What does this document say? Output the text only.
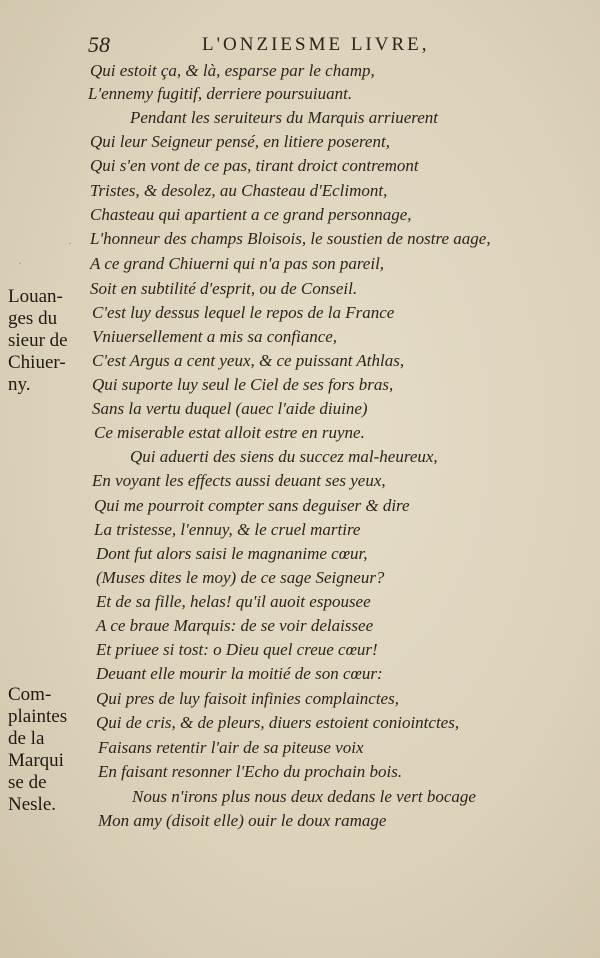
58	L'ONZIESME LIVRE,
Louan-
ges du
sieur de
Chiuer-
ny.
Com-
plaintes
de la
Marqui
se de
Nesle.
Qui estoit ça, & là, esparse par le champ,
L'ennemy fugitif, derriere poursuiuant.
Pendant les seruiteurs du Marquis arriuerent
Qui leur Seigneur pensé, en litiere poserent,
Qui s'en vont de ce pas, tirant droict contremont
Tristes, & desolez, au Chasteau d'Eclimont,
Chasteau qui apartient a ce grand personnage,
L'honneur des champs Bloisois, le soustien de nostre aage,
A ce grand Chiuerni qui n'a pas son pareil,
Soit en subtilité d'esprit, ou de Conseil.
C'est luy dessus lequel le repos de la France
Vniuersellement a mis sa confiance,
C'est Argus a cent yeux, & ce puissant Athlas,
Qui suporte luy seul le Ciel de ses fors bras,
Sans la vertu duquel (auec l'aide diuine)
Ce miserable estat alloit estre en ruyne.
Qui aduerti des siens du succez mal-heureux,
En voyant les effects aussi deuant ses yeux,
Qui me pourroit compter sans deguiser & dire
La tristesse, l'ennuy, & le cruel martire
Dont fut alors saisi le magnanime cœur,
(Muses dites le moy) de ce sage Seigneur?
Et de sa fille, helas! qu'il auoit espousee
A ce braue Marquis: de se voir delaissee
Et priuee si tost: o Dieu quel creue cœur!
Deuant elle mourir la moitié de son cœur:
Qui pres de luy faisoit infinies complainctes,
Qui de cris, & de pleurs, diuers estoient coniointctes,
Faisans retentir l'air de sa piteuse voix
En faisant resonner l'Echo du prochain bois.
Nous n'irons plus nous deux dedans le vert bocage
Mon amy (disoit elle) ouir le doux ramage
·
·
